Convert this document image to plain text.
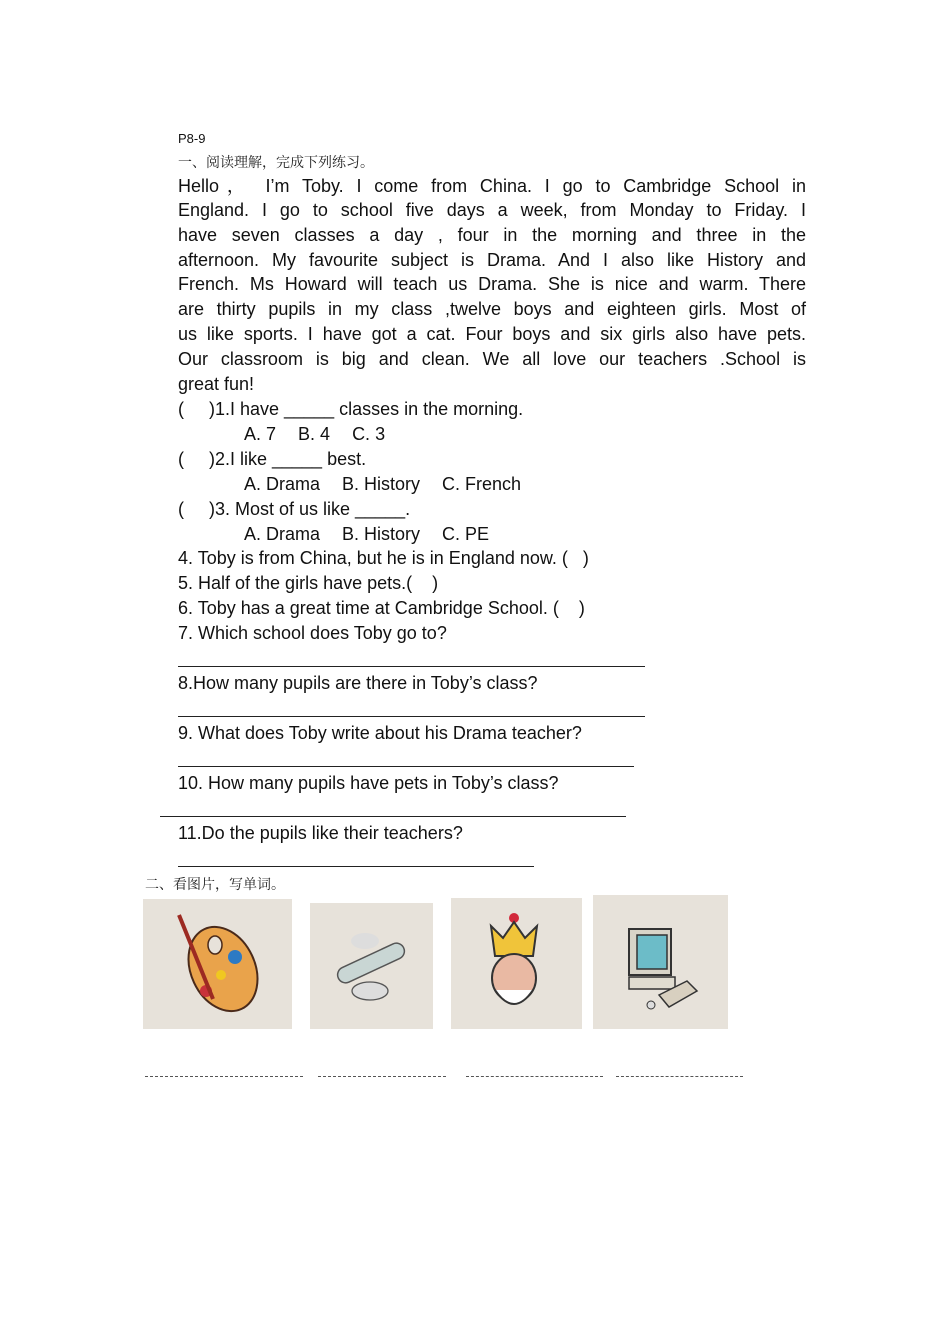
P8-9
一、阅读理解，完成下列练习。
Hello， I’m Toby. I come from China. I go to Cambridge School in
England. I go to school five days a week, from Monday to Friday. I
have seven classes a day , four in the morning and three in the
afternoon. My favourite subject is Drama. And I also like History and
French. Ms Howard will teach us Drama. She is nice and warm. There
are thirty pupils in my class ,twelve boys and eighteen girls. Most of
us like sports. I have got a cat. Four boys and six girls also have pets.
Our classroom is big and clean. We all love our teachers .School is
great fun!
(     )1.I have _____ classes in the morning.
A. 7 B. 4 C. 3
(     )2.I like _____ best.
A. Drama B. History C. French
(     )3. Most of us like _____.
A. Drama B. History C. PE
4. Toby is from China, but he is in England now. (   )
5. Half of the girls have pets.(    )
6. Toby has a great time at Cambridge School. (    )
7. Which school does Toby go to?
8.How many pupils are there in Toby’s class?
9. What does Toby write about his Drama teacher?
10. How many pupils have pets in Toby’s class?
11.Do the pupils like their teachers?
二、看图片，写单词。
